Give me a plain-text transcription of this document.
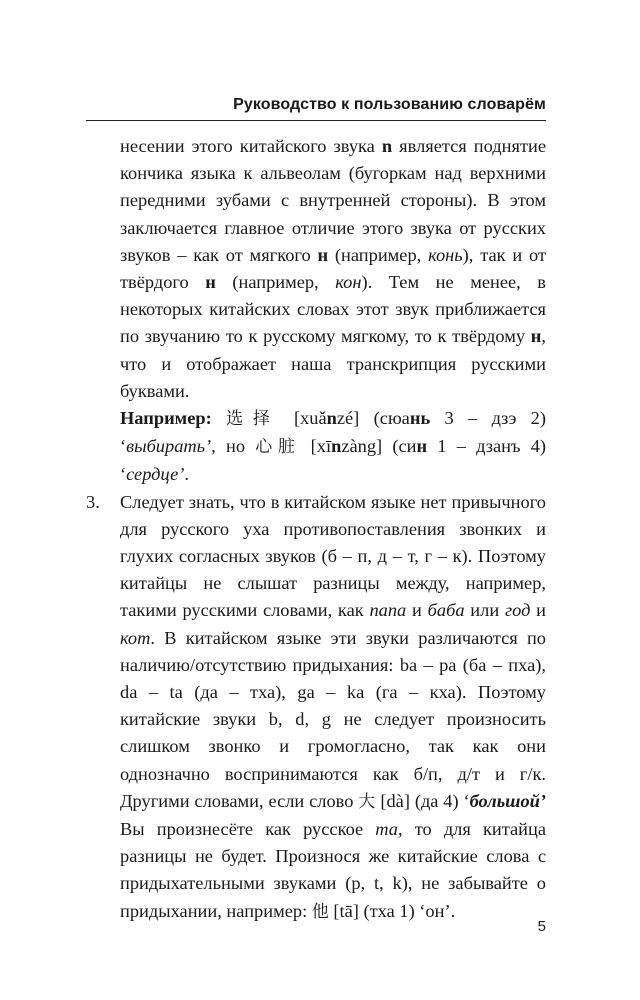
Руководство к пользованию словарём

несении этого китайского звука n является поднятие кончика языка к альвеолам (бугоркам над верхними передними зубами с внутренней стороны). В этом заключается главное отличие этого звука от русских звуков – как от мягкого н (например, конь), так и от твёрдого н (например, кон). Тем не менее, в некоторых китайских словах этот звук приближается по звучанию то к русскому мягкому, то к твёрдому н, что и отображает наша транскрипция русскими буквами.

Например: 选择 [xuǎnzé] (сюань 3 – дзэ 2) ‘выбирать’, но 心脏 [xīnzàng] (син 1 – дзанъ 4) ‘сердце’.

3. Следует знать, что в китайском языке нет привычного для русского уха противопоставления звонких и глухих согласных звуков (б – п, д – т, г – к). Поэтому китайцы не слышат разницы между, например, такими русскими словами, как папа и баба или год и кот. В китайском языке эти звуки различаются по наличию/отсутствию придыхания: ba – pa (ба – пха), da – ta (да – тха), ga – ka (га – кха). Поэтому китайские звуки b, d, g не следует произносить слишком звонко и громогласно, так как они однозначно воспринимаются как б/п, д/т и г/к. Другими словами, если слово 大 [dà] (да 4) ‘большой’ Вы произнесёте как русское та, то для китайца разницы не будет. Произнося же китайские слова с придыхательными звуками (p, t, k), не забывайте о придыхании, например: 他 [tā] (тха 1) ‘он’.

5
